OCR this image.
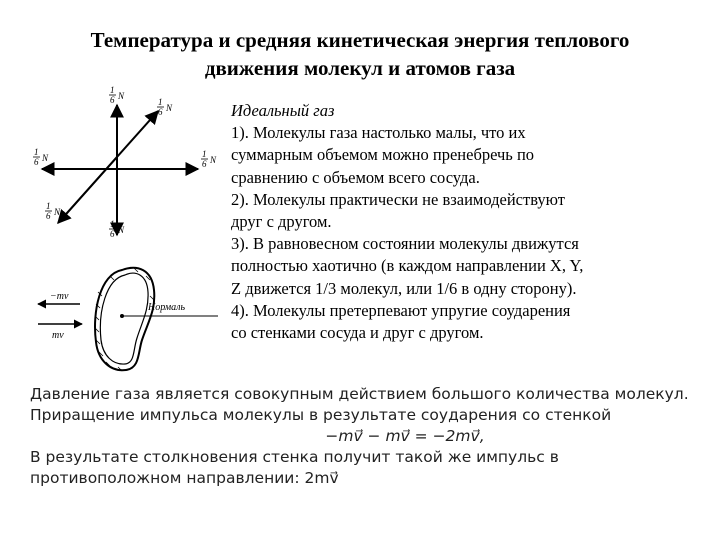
Температура и средняя кинетическая энергия теплового
движения молекул и атомов газа
1
6 N
1
6 N
1
6 N	1
6 N
1
6 N
1
6 N
Нормаль
−mv
mv
Идеальный газ
1). Молекулы газа настолько малы, что их
суммарным объемом можно пренебречь по
сравнению с объемом всего сосуда.
2). Молекулы практически не взаимодействуют
друг с другом.
3). В равновесном состоянии молекулы движутся
полностью хаотично (в каждом направлении X, Y,
Z движется 1/3 молекул, или 1/6 в одну сторону).
4). Молекулы претерпевают упругие соударения
со стенками сосуда и друг с другом.
Давление газа является совокупным действием большого количества молекул.
Приращение импульса молекулы в результате соударения со стенкой
−mv⃗ − mv⃗ = −2mv⃗,
В результате столкновения стенка получит такой же импульс в
противоположном направлении: 2mv⃗
